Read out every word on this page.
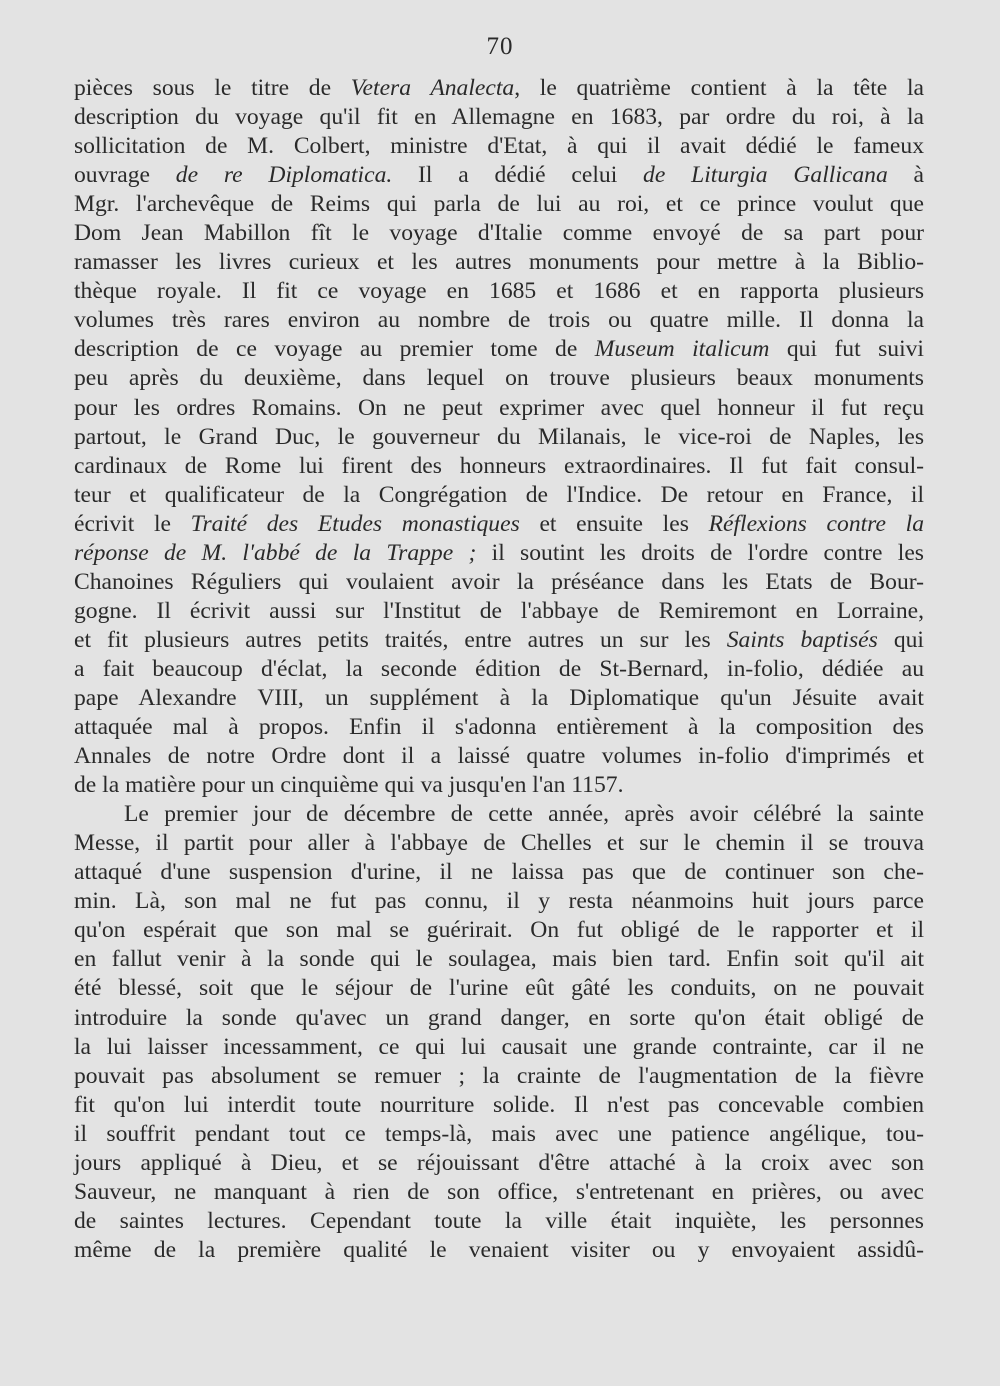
70
pièces sous le titre de Vetera Analecta, le quatrième contient à la tête la
description du voyage qu'il fit en Allemagne en 1683, par ordre du roi, à la
sollicitation de M. Colbert, ministre d'Etat, à qui il avait dédié le fameux
ouvrage de re Diplomatica. Il a dédié celui de Liturgia Gallicana à
Mgr. l'archevêque de Reims qui parla de lui au roi, et ce prince voulut que
Dom Jean Mabillon fît le voyage d'Italie comme envoyé de sa part pour
ramasser les livres curieux et les autres monuments pour mettre à la Biblio-
thèque royale. Il fit ce voyage en 1685 et 1686 et en rapporta plusieurs
volumes très rares environ au nombre de trois ou quatre mille. Il donna la
description de ce voyage au premier tome de Museum italicum qui fut suivi
peu après du deuxième, dans lequel on trouve plusieurs beaux monuments
pour les ordres Romains. On ne peut exprimer avec quel honneur il fut reçu
partout, le Grand Duc, le gouverneur du Milanais, le vice-roi de Naples, les
cardinaux de Rome lui firent des honneurs extraordinaires. Il fut fait consul-
teur et qualificateur de la Congrégation de l'Indice. De retour en France, il
écrivit le Traité des Etudes monastiques et ensuite les Réflexions contre la
réponse de M. l'abbé de la Trappe ; il soutint les droits de l'ordre contre les
Chanoines Réguliers qui voulaient avoir la préséance dans les Etats de Bour-
gogne. Il écrivit aussi sur l'Institut de l'abbaye de Remiremont en Lorraine,
et fit plusieurs autres petits traités, entre autres un sur les Saints baptisés qui
a fait beaucoup d'éclat, la seconde édition de St-Bernard, in-folio, dédiée au
pape Alexandre VIII, un supplément à la Diplomatique qu'un Jésuite avait
attaquée mal à propos. Enfin il s'adonna entièrement à la composition des
Annales de notre Ordre dont il a laissé quatre volumes in-folio d'imprimés et
de la matière pour un cinquième qui va jusqu'en l'an 1157.
Le premier jour de décembre de cette année, après avoir célébré la sainte
Messe, il partit pour aller à l'abbaye de Chelles et sur le chemin il se trouva
attaqué d'une suspension d'urine, il ne laissa pas que de continuer son che-
min. Là, son mal ne fut pas connu, il y resta néanmoins huit jours parce
qu'on espérait que son mal se guérirait. On fut obligé de le rapporter et il
en fallut venir à la sonde qui le soulagea, mais bien tard. Enfin soit qu'il ait
été blessé, soit que le séjour de l'urine eût gâté les conduits, on ne pouvait
introduire la sonde qu'avec un grand danger, en sorte qu'on était obligé de
la lui laisser incessamment, ce qui lui causait une grande contrainte, car il ne
pouvait pas absolument se remuer ; la crainte de l'augmentation de la fièvre
fit qu'on lui interdit toute nourriture solide. Il n'est pas concevable combien
il souffrit pendant tout ce temps-là, mais avec une patience angélique, tou-
jours appliqué à Dieu, et se réjouissant d'être attaché à la croix avec son
Sauveur, ne manquant à rien de son office, s'entretenant en prières, ou avec
de saintes lectures. Cependant toute la ville était inquiète, les personnes
même de la première qualité le venaient visiter ou y envoyaient assidû-
